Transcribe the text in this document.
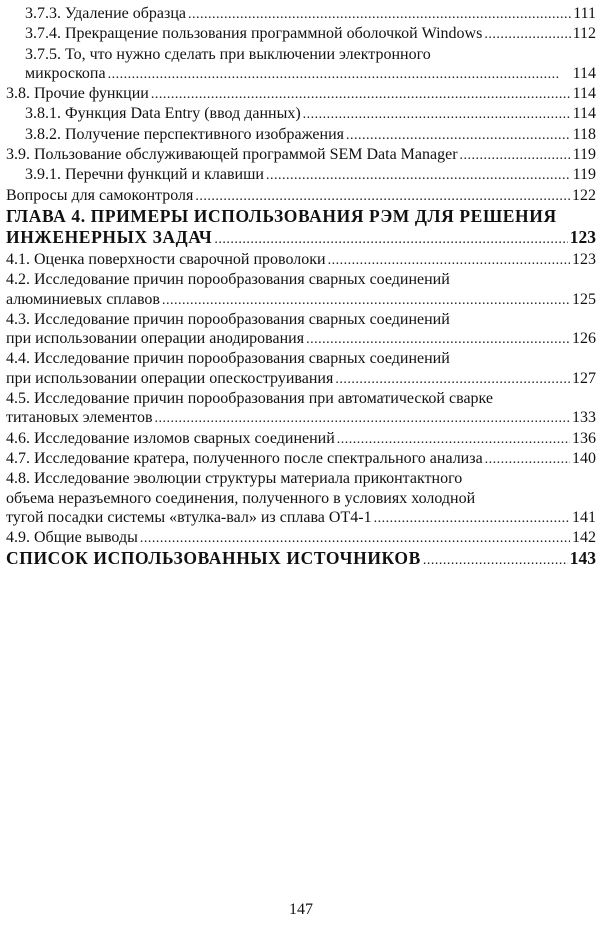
3.7.3. Удаление образца . . .	111
3.7.4. Прекращение пользования программной оболочкой Windows . . .	112
3.7.5. То, что нужно сделать при выключении электронного
микроскопа . . .	114
3.8. Прочие функции . . .	114
3.8.1. Функция Data Entry (ввод данных) . . .	114
3.8.2. Получение перспективного изображения . . .	118
3.9. Пользование обслуживающей программой SEM Data Manager . . .	119
3.9.1. Перечни функций и клавиши . . .	119
Вопросы для самоконтроля . . .	122
ГЛАВА 4. ПРИМЕРЫ ИСПОЛЬЗОВАНИЯ РЭМ ДЛЯ РЕШЕНИЯ
ИНЖЕНЕРНЫХ ЗАДАЧ . . .	123
4.1. Оценка поверхности сварочной проволоки . . .	123
4.2. Исследование причин порообразования сварных соединений
алюминиевых сплавов . . .	125
4.3. Исследование причин порообразования сварных соединений
при использовании операции анодирования . . .	126
4.4. Исследование причин порообразования сварных соединений
при использовании операции опескоструивания . . .	127
4.5. Исследование причин порообразования при автоматической сварке
титановых элементов . . .	133
4.6. Исследование изломов сварных соединений . . .	136
4.7. Исследование кратера, полученного после спектрального анализа . . .	140
4.8. Исследование эволюции структуры материала приконтактного
объема неразъемного соединения, полученного в условиях холодной
тугой посадки системы «втулка-вал» из сплава ОТ4-1 . . .	141
4.9. Общие выводы . . .	142
СПИСОК ИСПОЛЬЗОВАННЫХ ИСТОЧНИКОВ . . .	143
147
